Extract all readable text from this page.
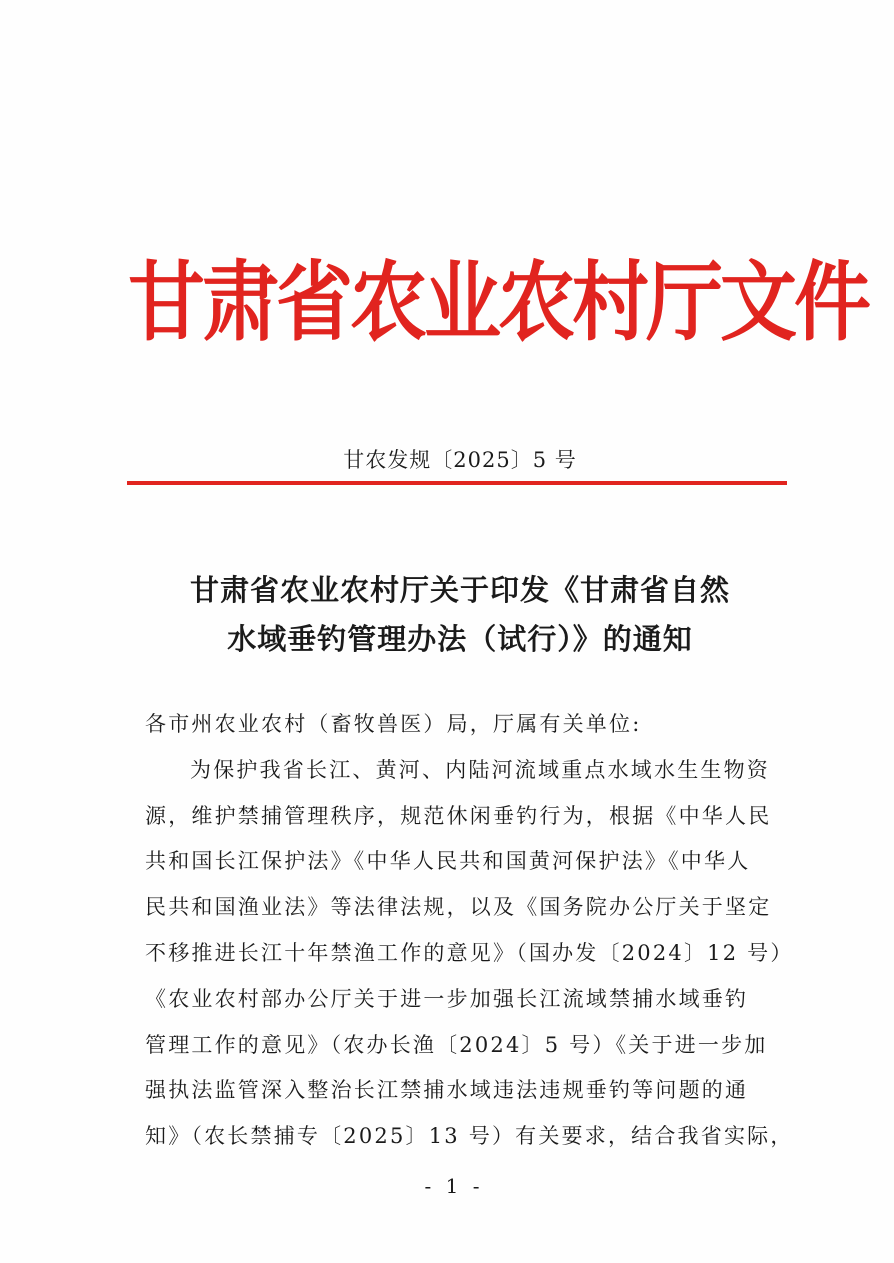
甘肃省农业农村厅文件
甘农发规〔2025〕5 号
甘肃省农业农村厅关于印发《甘肃省自然
水域垂钓管理办法（试行）》的通知
各市州农业农村（畜牧兽医）局，厅属有关单位:
为保护我省长江、黄河、内陆河流域重点水域水生生物资
源，维护禁捕管理秩序，规范休闲垂钓行为，根据《中华人民
共和国长江保护法》《中华人民共和国黄河保护法》《中华人
民共和国渔业法》等法律法规，以及《国务院办公厅关于坚定
不移推进长江十年禁渔工作的意见》（国办发〔2024〕12 号）
《农业农村部办公厅关于进一步加强长江流域禁捕水域垂钓
管理工作的意见》（农办长渔〔2024〕5 号）《关于进一步加
强执法监管深入整治长江禁捕水域违法违规垂钓等问题的通
知》（农长禁捕专〔2025〕13 号）有关要求，结合我省实际，
- 1 -
